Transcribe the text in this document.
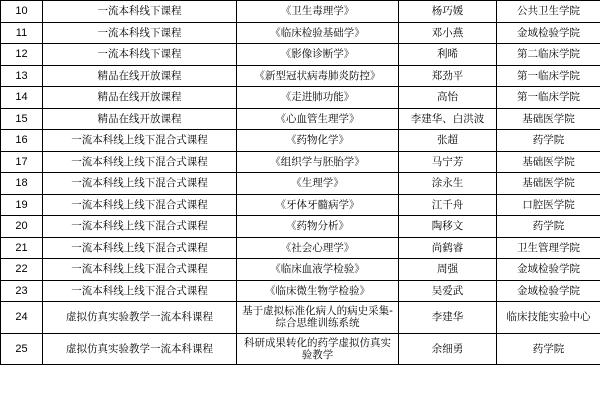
10	一流本科线下课程	《卫生毒理学》	杨巧媛	公共卫生学院
11	一流本科线下课程	《临床检验基础学》	邓小燕	金域检验学院
12	一流本科线下课程	《影像诊断学》	利晞	第二临床学院
13	精品在线开放课程	《新型冠状病毒肺炎防控》	郑劲平	第一临床学院
14	精品在线开放课程	《走进肺功能》	高怡	第一临床学院
15	精品在线开放课程	《心血管生理学》	李建华、白洪波	基础医学院
16	一流本科线上线下混合式课程	《药物化学》	张超	药学院
17	一流本科线上线下混合式课程	《组织学与胚胎学》	马宁芳	基础医学院
18	一流本科线上线下混合式课程	《生理学》	涂永生	基础医学院
19	一流本科线上线下混合式课程	《牙体牙髓病学》	江千舟	口腔医学院
20	一流本科线上线下混合式课程	《药物分析》	陶移文	药学院
21	一流本科线上线下混合式课程	《社会心理学》	尚鹤睿	卫生管理学院
22	一流本科线上线下混合式课程	《临床血液学检验》	周强	金域检验学院
23	一流本科线上线下混合式课程	《临床微生物学检验》	吴爱武	金域检验学院
24	虚拟仿真实验教学一流本科课程	基于虚拟标准化病人的病史采集-综合思维训练系统	李建华	临床技能实验中心
25	虚拟仿真实验教学一流本科课程	科研成果转化的药学虚拟仿真实验教学	余细勇	药学院
